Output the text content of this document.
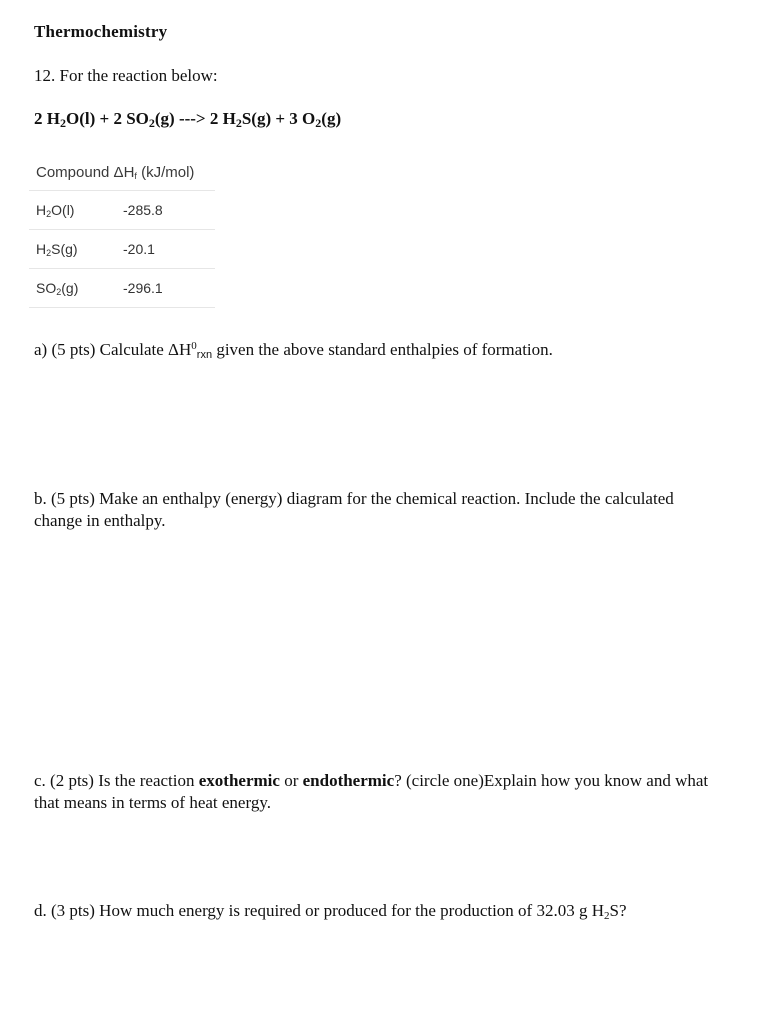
Thermochemistry
12. For the reaction below:
2 $H_2O(l) + 2$ $SO_2(g)$ ---> 2 $H_2S(g) + 3$ $O_2(g)$
Compound $\Delta H_f$ (kJ/mol)
$H_2O(l)$	-285.8
$H_2S(g)$	-20.1
$SO_2(g)$	-296.1
a) (5 pts) Calculate $\Delta H^0rxn$ given the above standard enthalpies of formation.
b. (5 pts) Make an enthalpy (energy) diagram for the chemical reaction. Include the calculated change in enthalpy.
c. (2 pts) Is the reaction exothermic or endothermic? (circle one)Explain how you know and what that means in terms of heat energy.
d. (3 pts) How much energy is required or produced for the production of 32.03 g $H_2S$?
